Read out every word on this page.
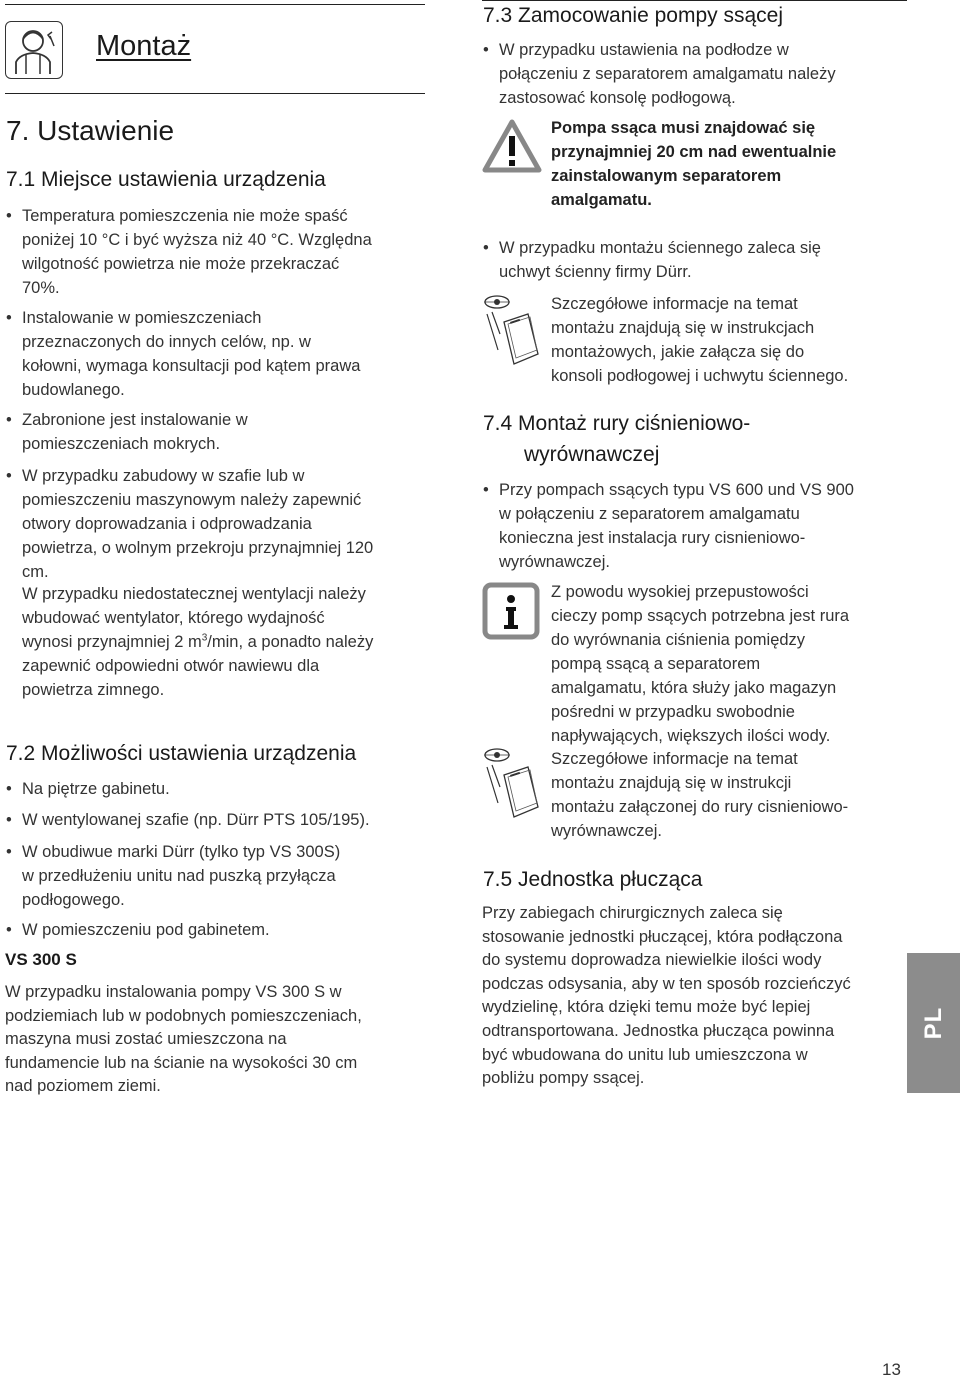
Montaż
7. Ustawienie
7.1 Miejsce ustawienia urządzenia
• Temperatura pomieszczenia nie może spaść
poniżej 10 °C i być wyższa niż 40 °C. Względna
wilgotność powietrza nie może przekraczać
70%.
• Instalowanie w pomieszczeniach
przeznaczonych do innych celów, np. w
kołowni, wymaga konsultacji pod kątem prawa
budowlanego.
• Zabronione jest instalowanie w
pomieszczeniach mokrych.
• W przypadku zabudowy w szafie lub w
pomieszczeniu maszynowym należy zapewnić
otwory doprowadzania i odprowadzania
powietrza, o wolnym przekroju przynajmniej 120
cm.
W przypadku niedostatecznej wentylacji należy
wbudować wentylator, którego wydajność
wynosi przynajmniej 2 $m^3/\min$, a ponadto należy
zapewnić odpowiedni otwór nawiewu dla
powietrza zimnego.
7.2 Możliwości ustawienia urządzenia
• Na piętrze gabinetu.
• W wentylowanej szafie (np. Dürr PTS 105/195).
• W obudiwue marki Dürr (tylko typ VS 300S)
w przedłużeniu unitu nad puszką przyłącza
podłogowego.
• W pomieszczeniu pod gabinetem.
VS 300 S
W przypadku instalowania pompy VS 300 S w
podziemiach lub w podobnych pomieszczeniach,
maszyna musi zostać umieszczona na
fundamencie lub na ścianie na wysokości 30 cm
nad poziomem ziemi.
7.3 Zamocowanie pompy ssącej
• W przypadku ustawienia na podłodze w
połączeniu z separatorem amalgamatu należy
zastosować konsolę podłogową.
Pompa ssąca musi znajdować się
przynajmniej 20 cm nad ewentualnie
zainstalowanym separatorem
amalgamatu.
• W przypadku montażu ściennego zaleca się
uchwyt ścienny firmy Dürr.
Szczegółowe informacje na temat
montażu znajdują się w instrukcjach
montażowych, jakie załącza się do
konsoli podłogowej i uchwytu ściennego.
7.4 Montaż rury ciśnieniowo-
wyrównawczej
• Przy pompach ssących typu VS 600 und VS 900
w połączeniu z separatorem amalgamatu
konieczna jest instalacja rury cisnieniowo-
wyrównawczej.
Z powodu wysokiej przepustowości
cieczy pomp ssących potrzebna jest rura
do wyrównania ciśnienia pomiędzy
pompą ssącą a separatorem
amalgamatu, która służy jako magazyn
pośredni w przypadku swobodnie
napływających, większych ilości wody.
Szczegółowe informacje na temat
montażu znajdują się w instrukcji
montażu załączonej do rury cisnieniowo-
wyrównawczej.
7.5 Jednostka płucząca
Przy zabiegach chirurgicznych zaleca się
stosowanie jednostki płuczącej, która podłączona
do systemu doprowadza niewielkie ilości wody
podczas odsysania, aby w ten sposób rozcieńczyć
wydzielinę, która dzięki temu może być lepiej
odtransportowana. Jednostka płucząca powinna
być wbudowana do unitu lub umieszczona w
pobliżu pompy ssącej.
PL
13
